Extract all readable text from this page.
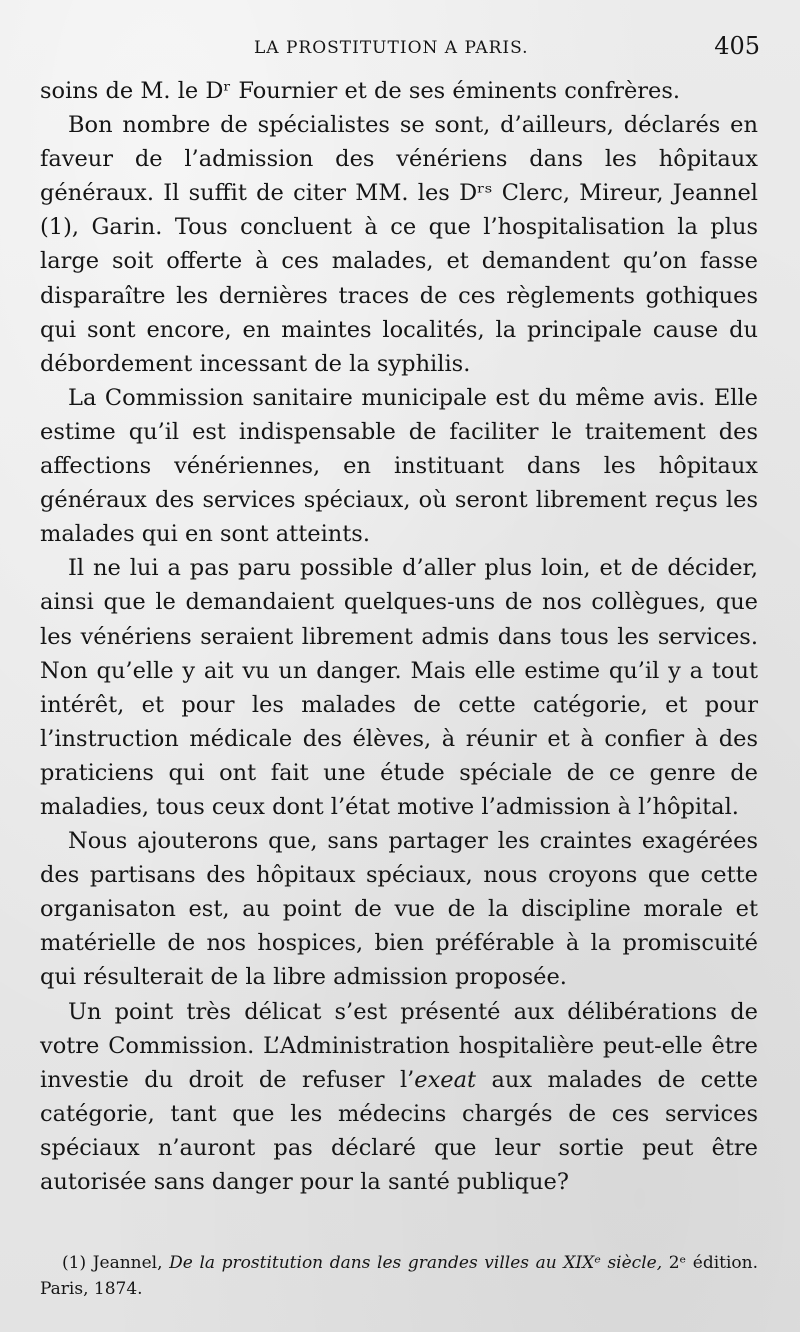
LA PROSTITUTION A PARIS.	405

soins de M. le Dʳ Fournier et de ses éminents confrères.

Bon nombre de spécialistes se sont, d’ailleurs, déclarés en faveur de l’admission des vénériens dans les hôpitaux généraux. Il suffit de citer MM. les Dʳˢ Clerc, Mireur, Jeannel (1), Garin. Tous concluent à ce que l’hospitalisation la plus large soit offerte à ces malades, et demandent qu’on fasse disparaître les dernières traces de ces règlements gothiques qui sont encore, en maintes localités, la principale cause du débordement incessant de la syphilis.

La Commission sanitaire municipale est du même avis. Elle estime qu’il est indispensable de faciliter le traitement des affections vénériennes, en instituant dans les hôpitaux généraux des services spéciaux, où seront librement reçus les malades qui en sont atteints.

Il ne lui a pas paru possible d’aller plus loin, et de décider, ainsi que le demandaient quelques-uns de nos collègues, que les vénériens seraient librement admis dans tous les services. Non qu’elle y ait vu un danger. Mais elle estime qu’il y a tout intérêt, et pour les malades de cette catégorie, et pour l’instruction médicale des élèves, à réunir et à confier à des praticiens qui ont fait une étude spéciale de ce genre de maladies, tous ceux dont l’état motive l’admission à l’hôpital.

Nous ajouterons que, sans partager les craintes exagérées des partisans des hôpitaux spéciaux, nous croyons que cette organisaton est, au point de vue de la discipline morale et matérielle de nos hospices, bien préférable à la promiscuité qui résulterait de la libre admission proposée.

Un point très délicat s’est présenté aux délibérations de votre Commission. L’Administration hospitalière peut-elle être investie du droit de refuser l’exeat aux malades de cette catégorie, tant que les médecins chargés de ces services spéciaux n’auront pas déclaré que leur sortie peut être autorisée sans danger pour la santé publique?

(1) Jeannel, De la prostitution dans les grandes villes au XIXᵉ siècle, 2ᵉ édition. Paris, 1874.
